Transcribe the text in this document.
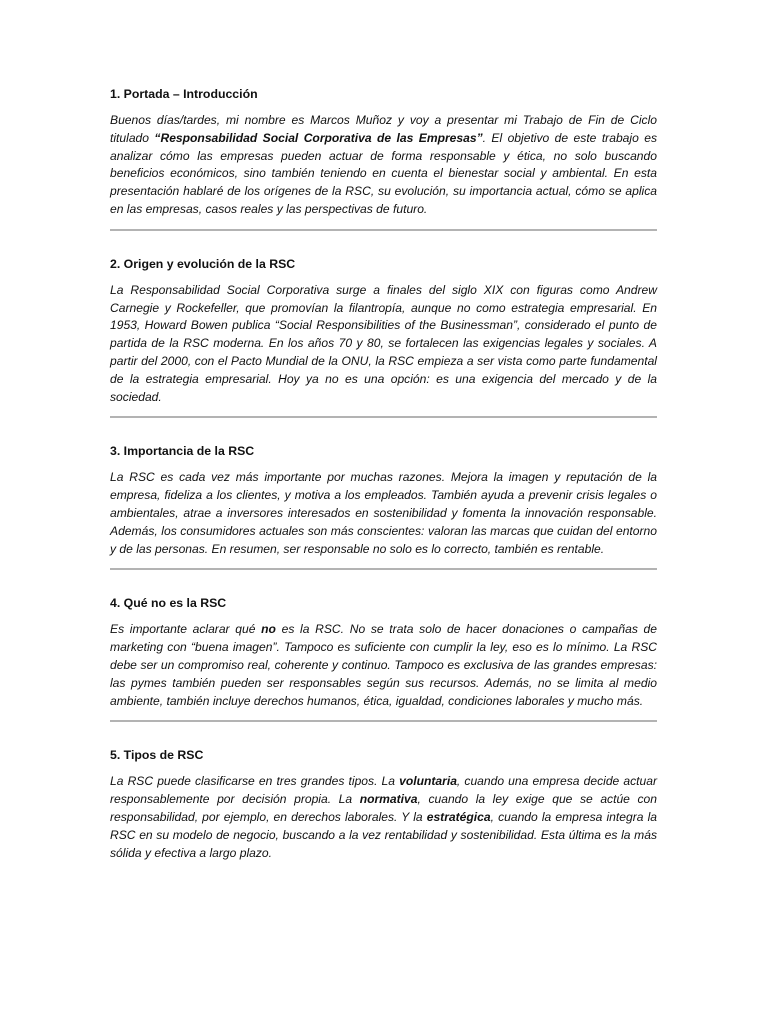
1. Portada – Introducción

Buenos días/tardes, mi nombre es Marcos Muñoz y voy a presentar mi Trabajo de Fin de Ciclo titulado “Responsabilidad Social Corporativa de las Empresas”. El objetivo de este trabajo es analizar cómo las empresas pueden actuar de forma responsable y ética, no solo buscando beneficios económicos, sino también teniendo en cuenta el bienestar social y ambiental. En esta presentación hablaré de los orígenes de la RSC, su evolución, su importancia actual, cómo se aplica en las empresas, casos reales y las perspectivas de futuro.

2. Origen y evolución de la RSC

La Responsabilidad Social Corporativa surge a finales del siglo XIX con figuras como Andrew Carnegie y Rockefeller, que promovían la filantropía, aunque no como estrategia empresarial. En 1953, Howard Bowen publica “Social Responsibilities of the Businessman”, considerado el punto de partida de la RSC moderna. En los años 70 y 80, se fortalecen las exigencias legales y sociales. A partir del 2000, con el Pacto Mundial de la ONU, la RSC empieza a ser vista como parte fundamental de la estrategia empresarial. Hoy ya no es una opción: es una exigencia del mercado y de la sociedad.

3. Importancia de la RSC

La RSC es cada vez más importante por muchas razones. Mejora la imagen y reputación de la empresa, fideliza a los clientes, y motiva a los empleados. También ayuda a prevenir crisis legales o ambientales, atrae a inversores interesados en sostenibilidad y fomenta la innovación responsable. Además, los consumidores actuales son más conscientes: valoran las marcas que cuidan del entorno y de las personas. En resumen, ser responsable no solo es lo correcto, también es rentable.

4. Qué no es la RSC

Es importante aclarar qué no es la RSC. No se trata solo de hacer donaciones o campañas de marketing con “buena imagen”. Tampoco es suficiente con cumplir la ley, eso es lo mínimo. La RSC debe ser un compromiso real, coherente y continuo. Tampoco es exclusiva de las grandes empresas: las pymes también pueden ser responsables según sus recursos. Además, no se limita al medio ambiente, también incluye derechos humanos, ética, igualdad, condiciones laborales y mucho más.

5. Tipos de RSC

La RSC puede clasificarse en tres grandes tipos. La voluntaria, cuando una empresa decide actuar responsablemente por decisión propia. La normativa, cuando la ley exige que se actúe con responsabilidad, por ejemplo, en derechos laborales. Y la estratégica, cuando la empresa integra la RSC en su modelo de negocio, buscando a la vez rentabilidad y sostenibilidad. Esta última es la más sólida y efectiva a largo plazo.
